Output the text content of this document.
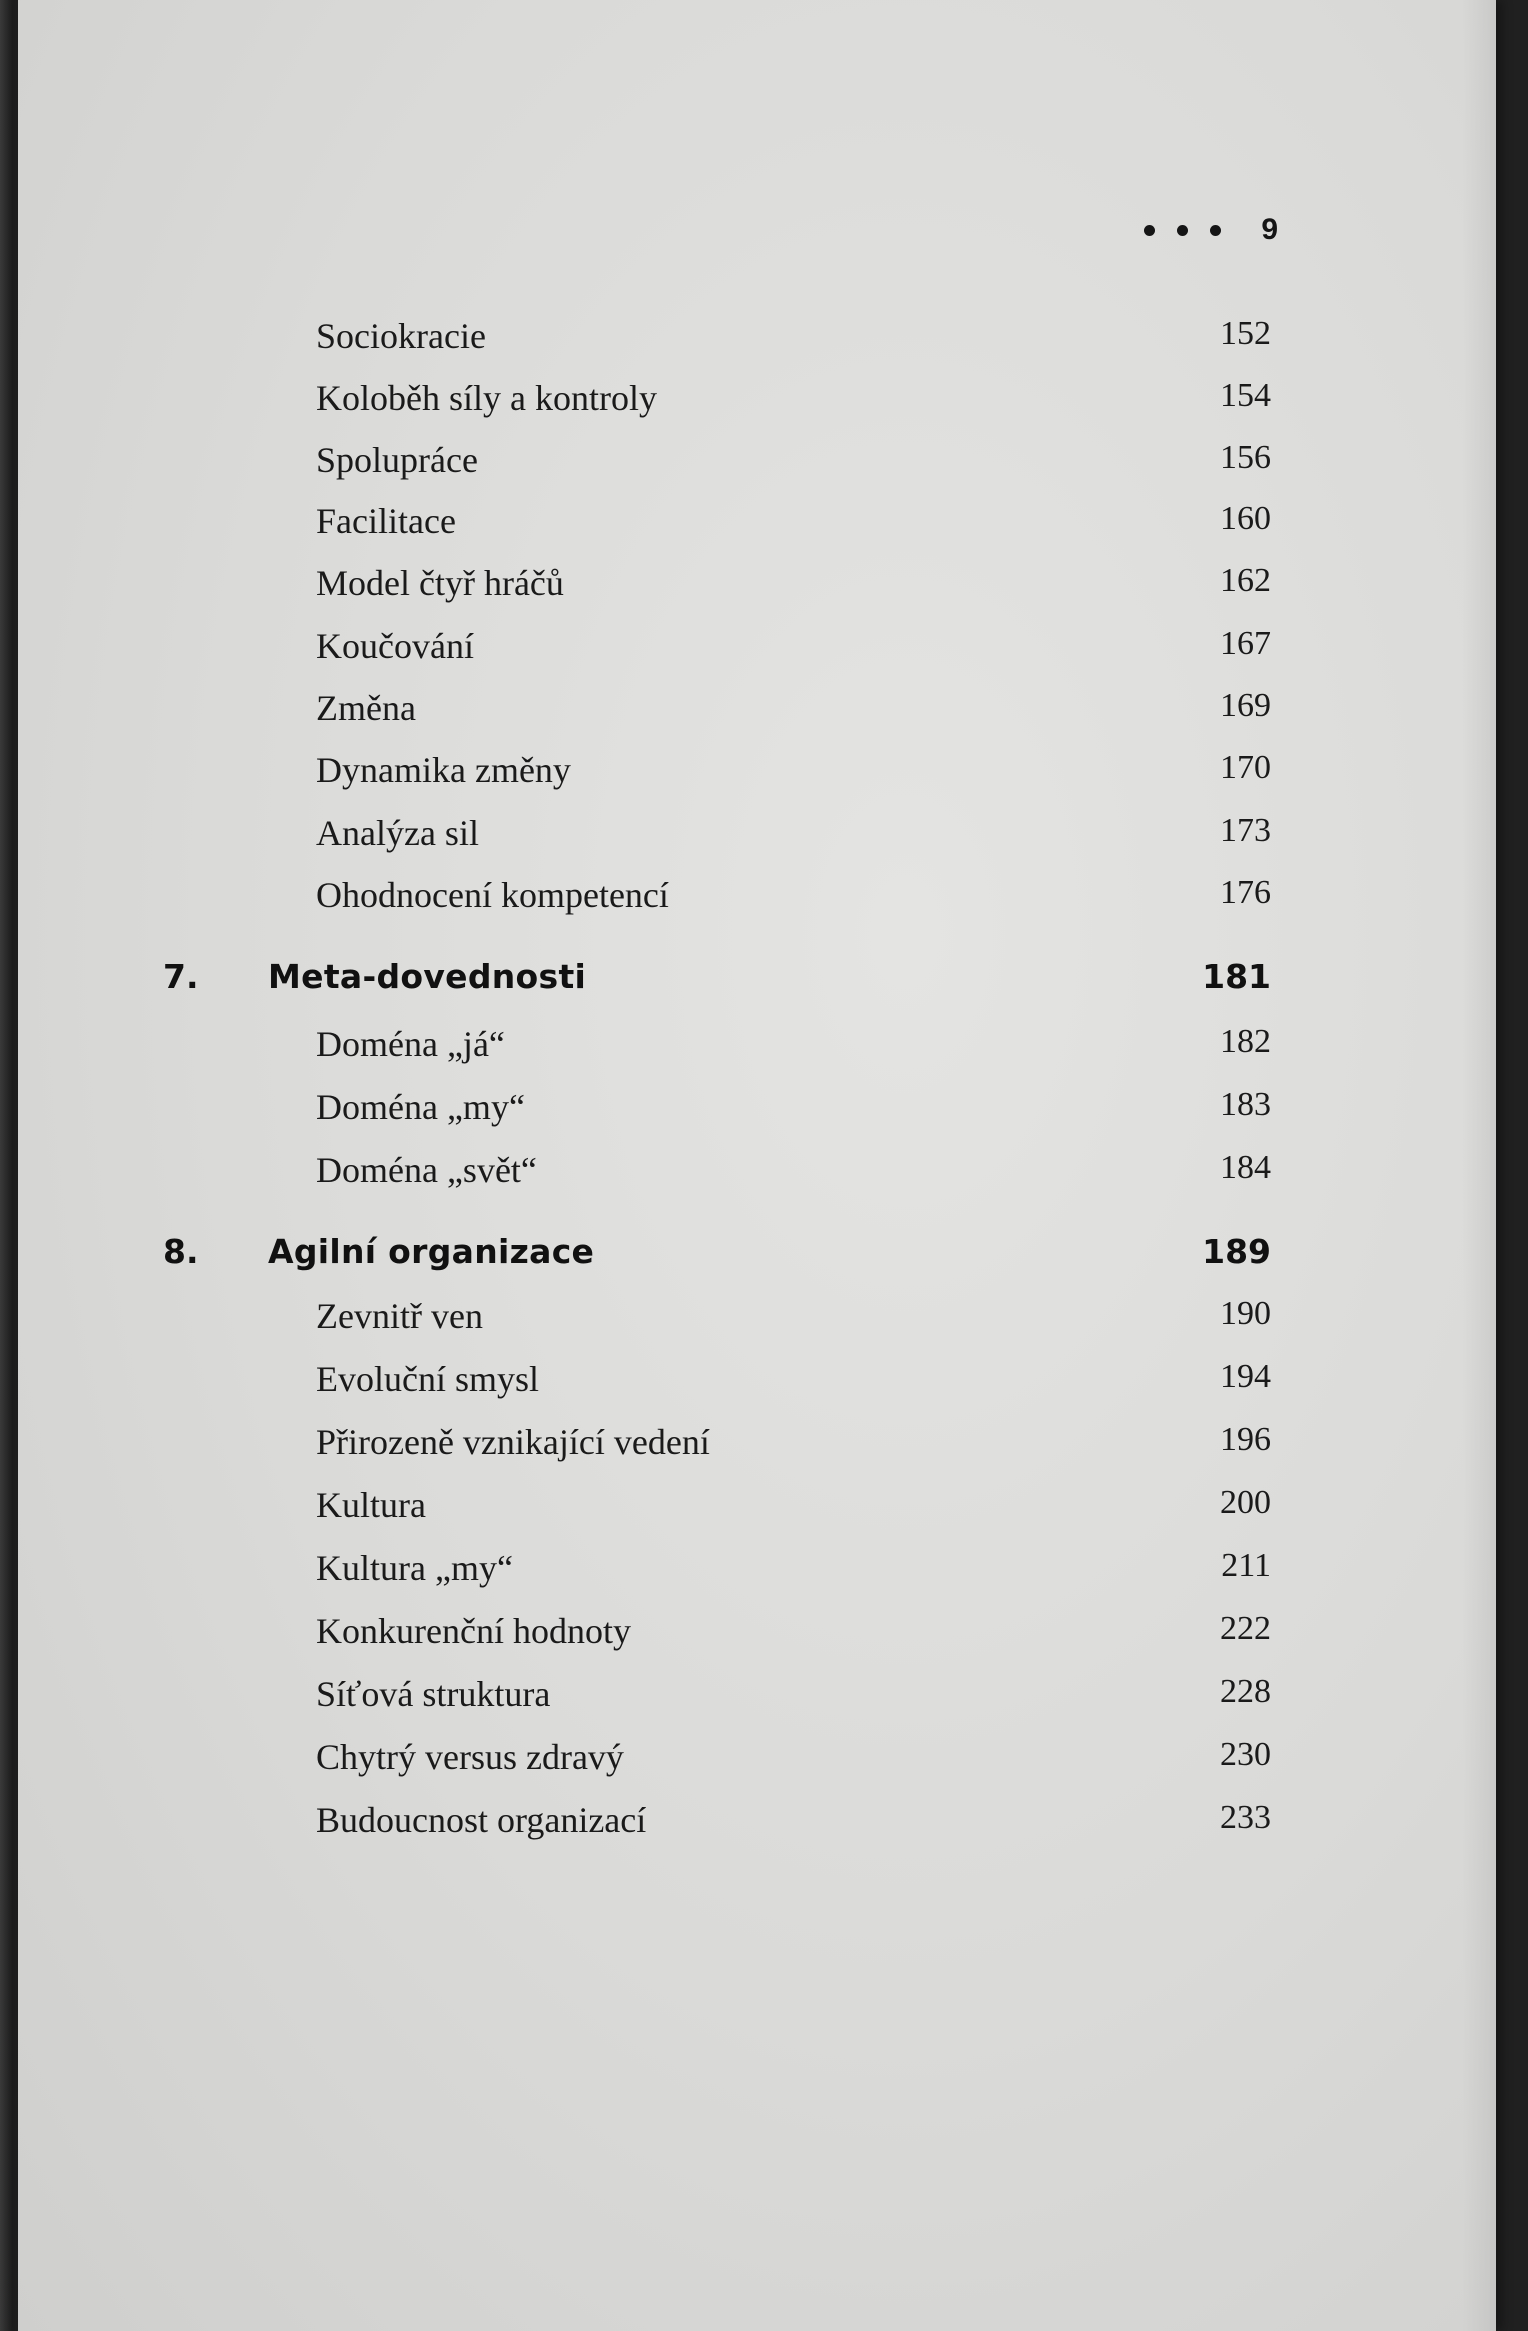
9
Sociokracie	152
Koloběh síly a kontroly	154
Spolupráce	156
Facilitace	160
Model čtyř hráčů	162
Koučování	167
Změna	169
Dynamika změny	170
Analýza sil	173
Ohodnocení kompetencí	176
7. Meta-dovednosti	181
Doména „já“	182
Doména „my“	183
Doména „svět“	184
8. Agilní organizace	189
Zevnitř ven	190
Evoluční smysl	194
Přirozeně vznikající vedení	196
Kultura	200
Kultura „my“	211
Konkurenční hodnoty	222
Síťová struktura	228
Chytrý versus zdravý	230
Budoucnost organizací	233
